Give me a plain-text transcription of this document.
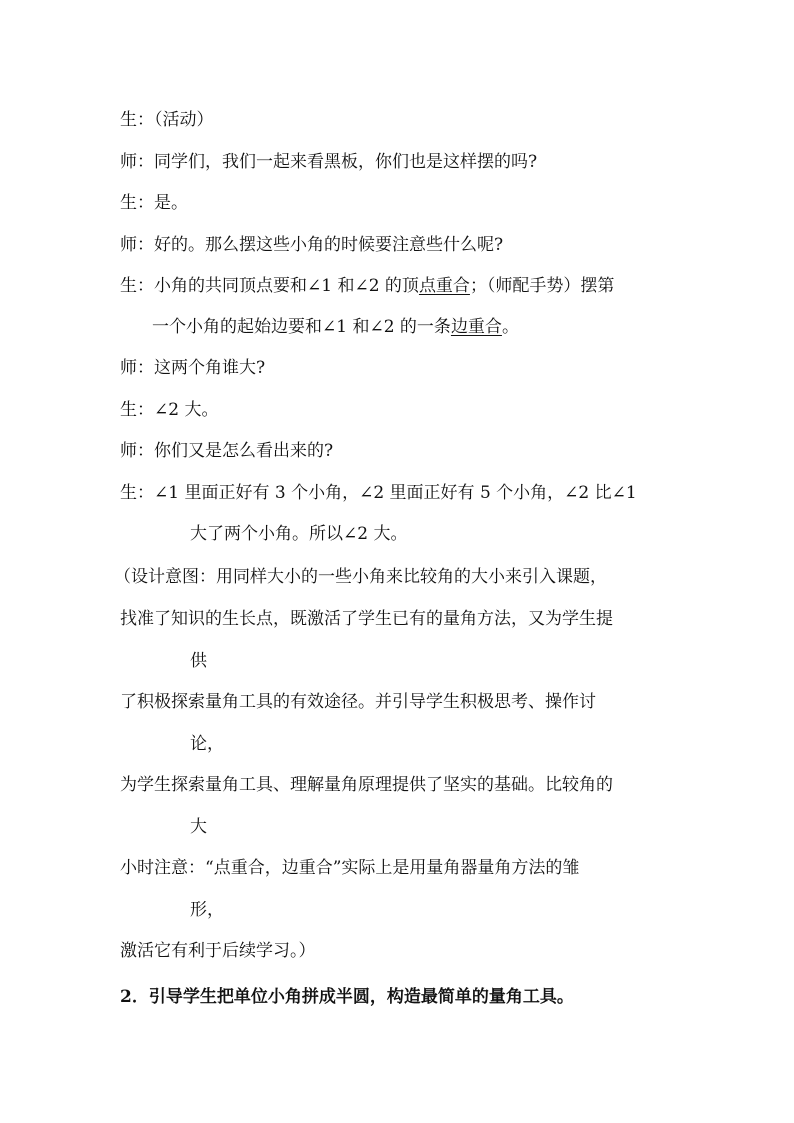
生：（活动）
师：同学们，我们一起来看黑板，你们也是这样摆的吗?
生：是。
师：好的。那么摆这些小角的时候要注意些什么呢?
生：小角的共同顶点要和∠1 和∠2 的顶点重合；（师配手势）摆第
一个小角的起始边要和∠1 和∠2 的一条边重合。
师：这两个角谁大?
生：∠2 大。
师：你们又是怎么看出来的?
生：∠1 里面正好有 3 个小角，∠2 里面正好有 5 个小角，∠2 比∠1
大了两个小角。所以∠2 大。
（设计意图：用同样大小的一些小角来比较角的大小来引入课题，
找准了知识的生长点，既激活了学生已有的量角方法，又为学生提
供
了积极探索量角工具的有效途径。并引导学生积极思考、操作讨
论，
为学生探索量角工具、理解量角原理提供了坚实的基础。比较角的
大
小时注意：“点重合，边重合”实际上是用量角器量角方法的雏
形，
激活它有利于后续学习。）
2．引导学生把单位小角拼成半圆，构造最简单的量角工具。
